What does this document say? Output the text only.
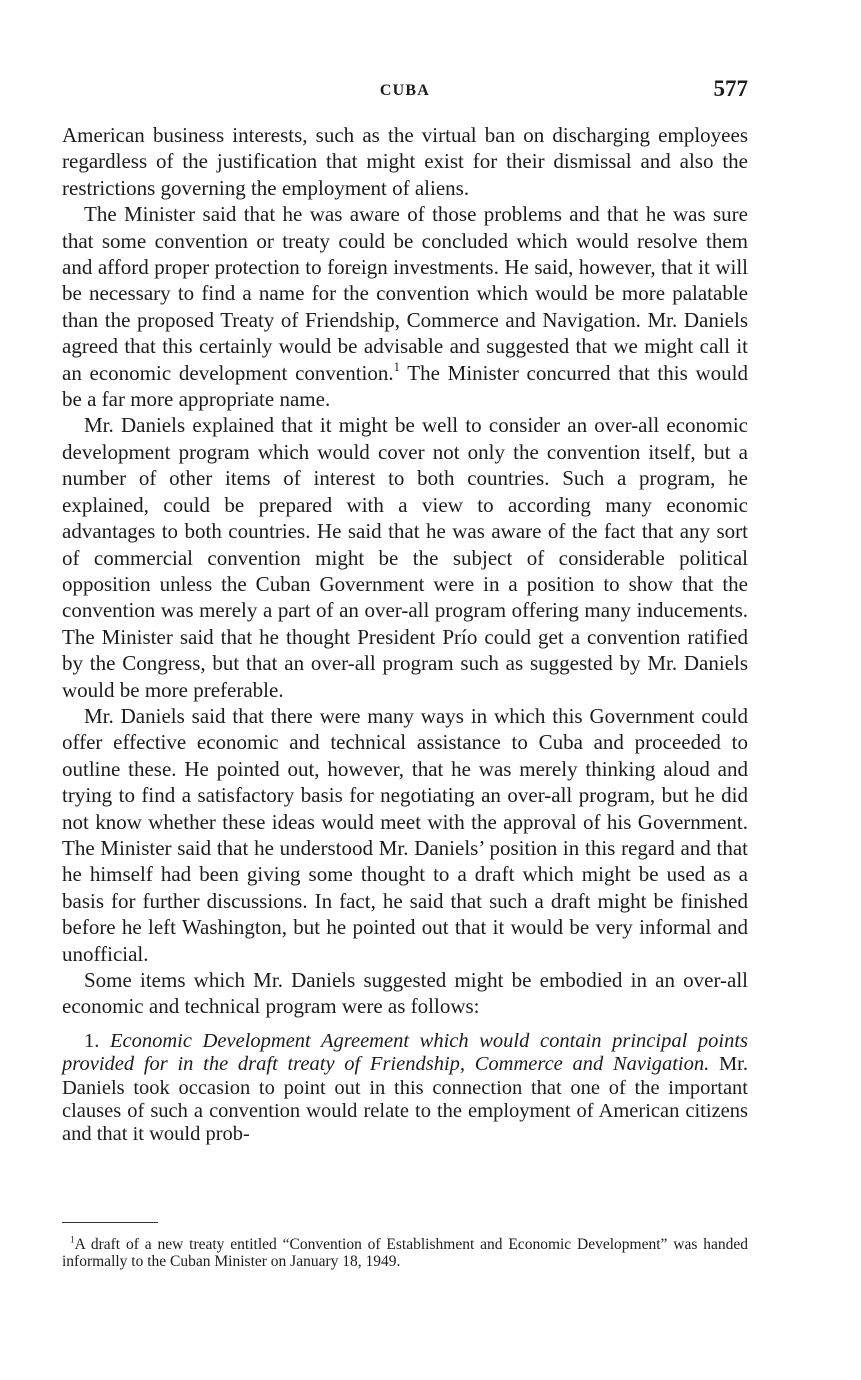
CUBA	577

American business interests, such as the virtual ban on discharging employees regardless of the justification that might exist for their dismissal and also the restrictions governing the employment of aliens.

The Minister said that he was aware of those problems and that he was sure that some convention or treaty could be concluded which would resolve them and afford proper protection to foreign investments. He said, however, that it will be necessary to find a name for the convention which would be more palatable than the proposed Treaty of Friendship, Commerce and Navigation. Mr. Daniels agreed that this certainly would be advisable and suggested that we might call it an economic development convention.$^1$ The Minister concurred that this would be a far more appropriate name.

Mr. Daniels explained that it might be well to consider an over-all economic development program which would cover not only the convention itself, but a number of other items of interest to both countries. Such a program, he explained, could be prepared with a view to according many economic advantages to both countries. He said that he was aware of the fact that any sort of commercial convention might be the subject of considerable political opposition unless the Cuban Government were in a position to show that the convention was merely a part of an over-all program offering many inducements. The Minister said that he thought President Prío could get a convention ratified by the Congress, but that an over-all program such as suggested by Mr. Daniels would be more preferable.

Mr. Daniels said that there were many ways in which this Government could offer effective economic and technical assistance to Cuba and proceeded to outline these. He pointed out, however, that he was merely thinking aloud and trying to find a satisfactory basis for negotiating an over-all program, but he did not know whether these ideas would meet with the approval of his Government. The Minister said that he understood Mr. Daniels’ position in this regard and that he himself had been giving some thought to a draft which might be used as a basis for further discussions. In fact, he said that such a draft might be finished before he left Washington, but he pointed out that it would be very informal and unofficial.

Some items which Mr. Daniels suggested might be embodied in an over-all economic and technical program were as follows:

1. Economic Development Agreement which would contain principal points provided for in the draft treaty of Friendship, Commerce and Navigation. Mr. Daniels took occasion to point out in this connection that one of the important clauses of such a convention would relate to the employment of American citizens and that it would prob-
$^1$A draft of a new treaty entitled “Convention of Establishment and Economic Development” was handed informally to the Cuban Minister on January 18, 1949.
